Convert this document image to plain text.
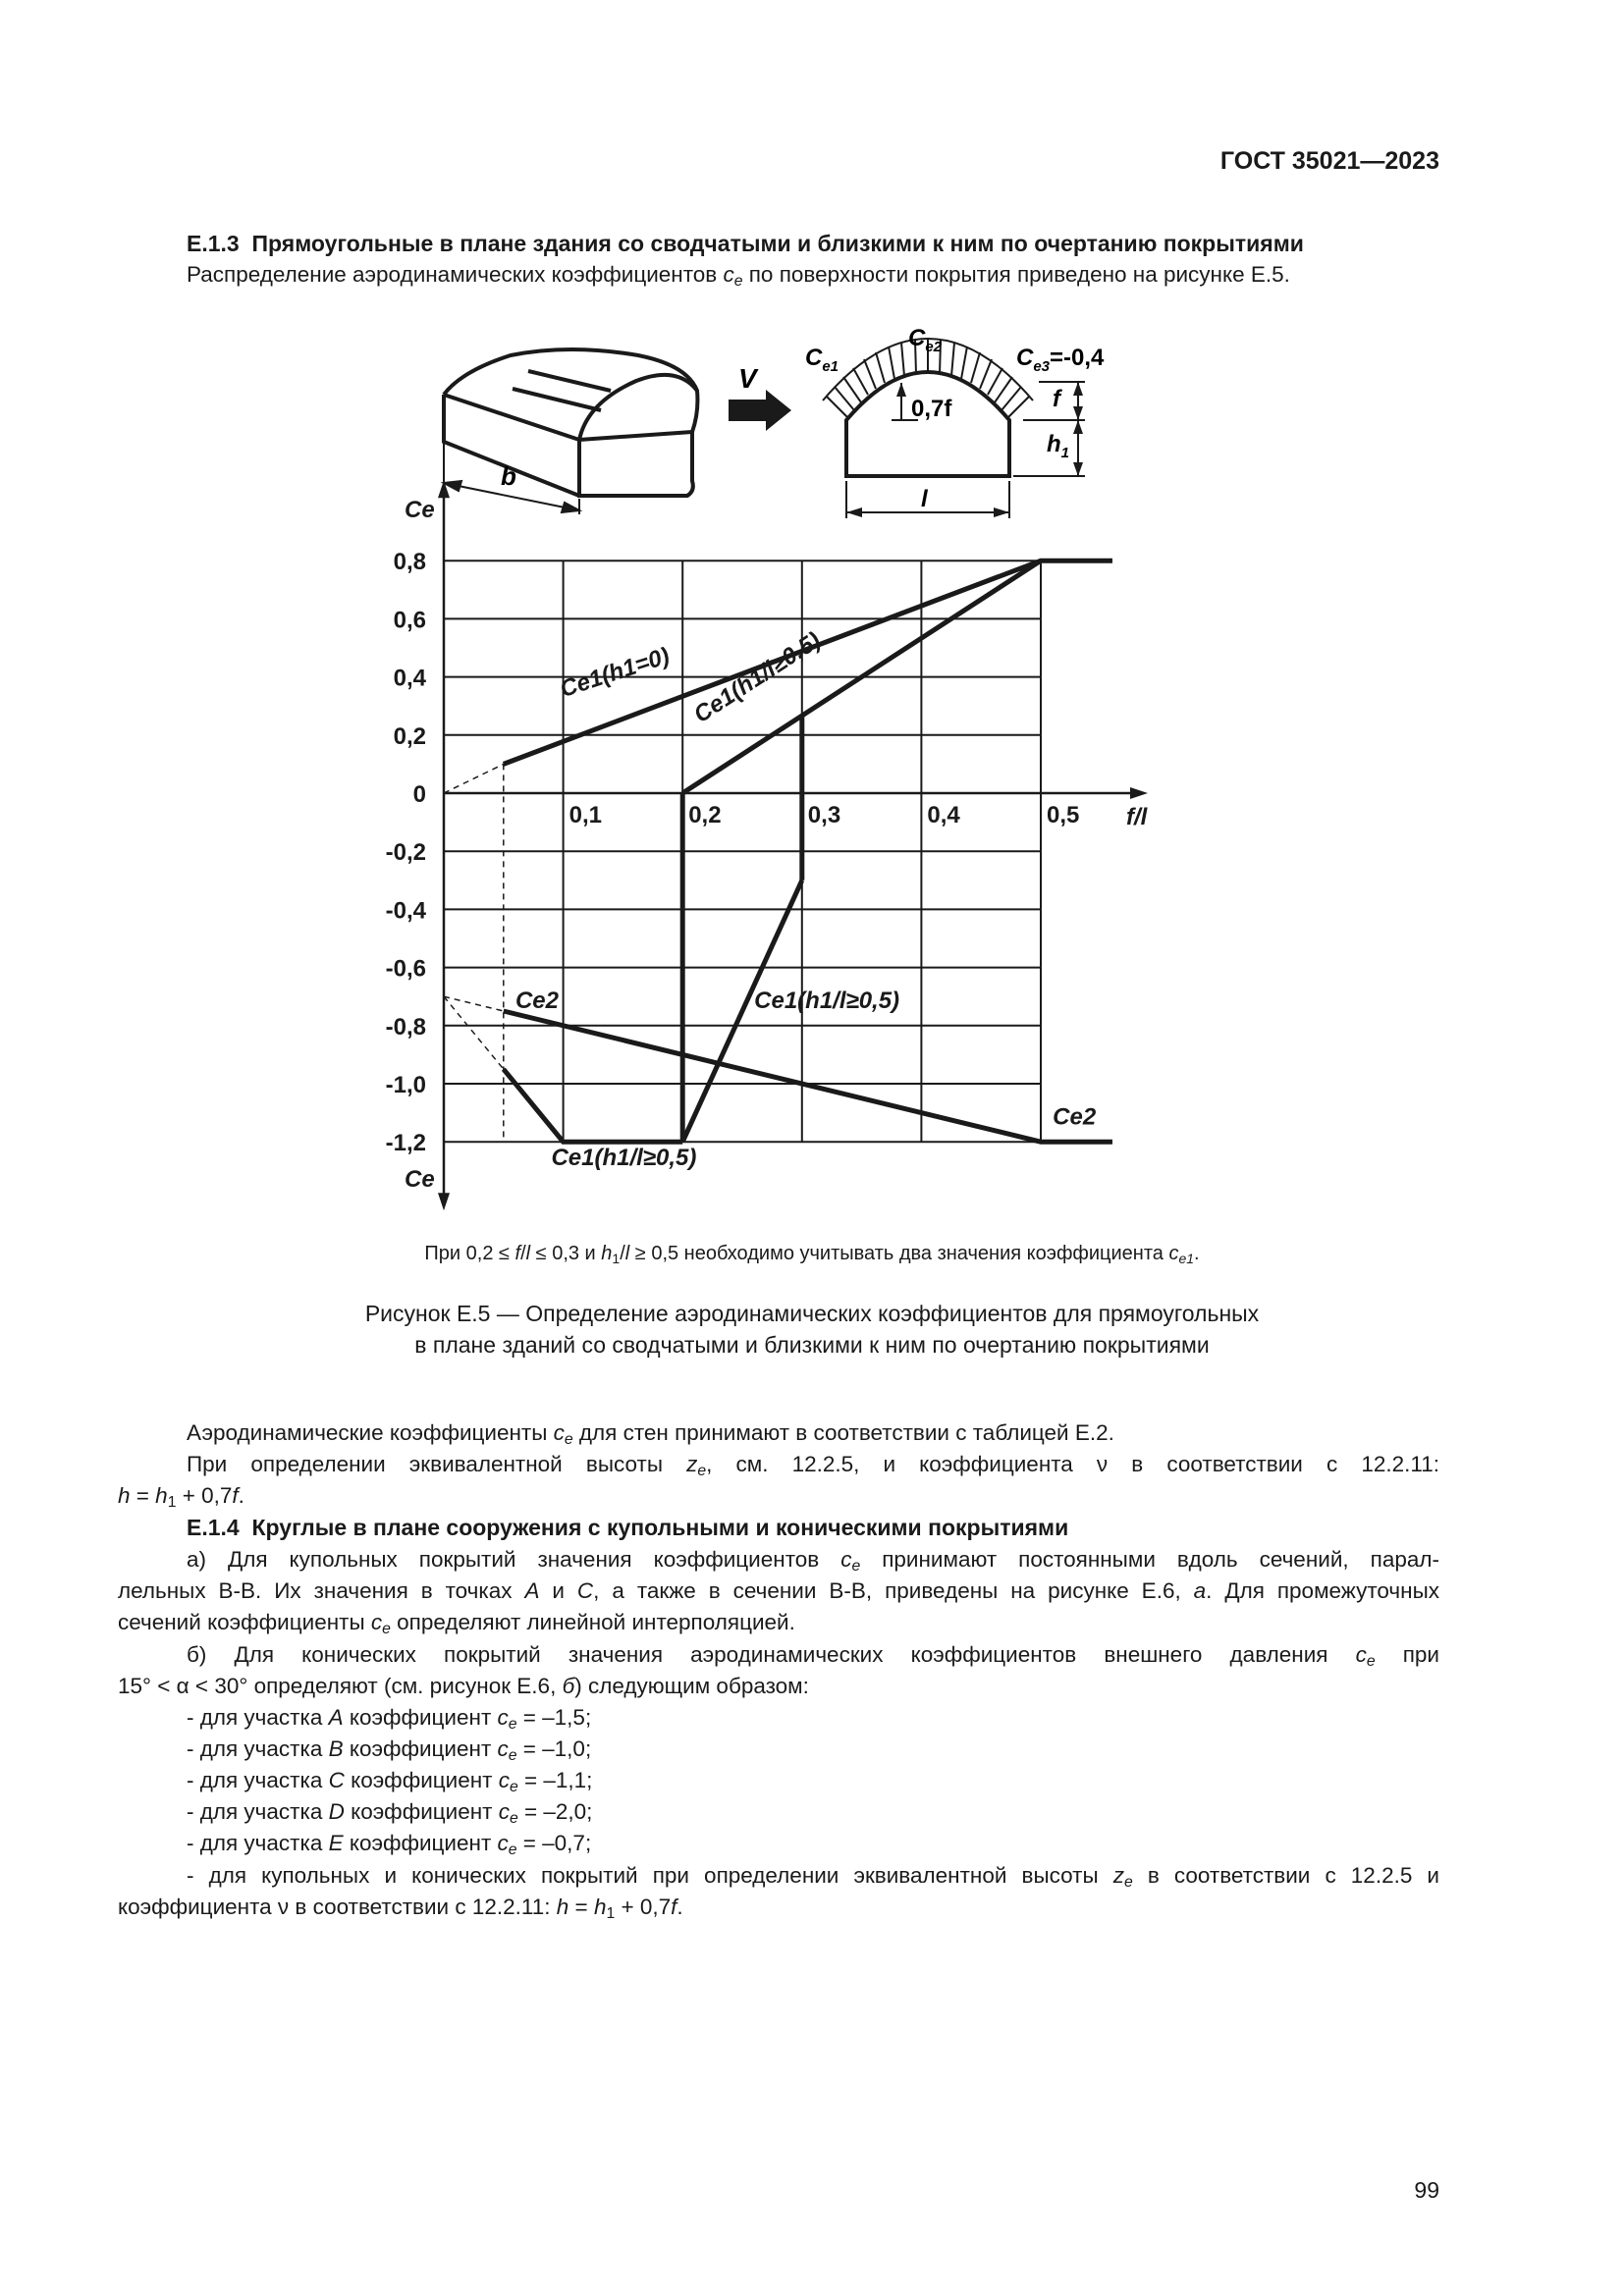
ГОСТ 35021—2023
Е.1.3 Прямоугольные в плане здания со сводчатыми и близкими к ним по очертанию покрытиями
Распределение аэродинамических коэффициентов $c_e$ по поверхности покрытия приведено на рисунке Е.5.
b
V
$C_{e1}$
$C_{e2}$	$C_{e3}=-0,4$
0,7f	f
$h_1$
l
0,8
0,6
0,4
0,2
0
-0,2
-0,4
-0,6
-0,8
-1,0
-1,2
0,1	0,2	0,3	0,4	0,5 f/l
Ce
Ce
Ce1(h1=0) Ce1(h1/l≥0,5)
Ce2	Ce1(h1/l≥0,5)
Ce2
Ce1(h1/l≥0,5)
При 0,2 ≤ f/l ≤ 0,3 и $h_1/l \ge 0,5$ необходимо учитывать два значения коэффициента $c_{e1}$.
Рисунок Е.5 — Определение аэродинамических коэффициентов для прямоугольных
в плане зданий со сводчатыми и близкими к ним по очертанию покрытиями
Аэродинамические коэффициенты $c_e$ для стен принимают в соответствии с таблицей Е.2.
При определении эквивалентной высоты $z_e$, см. 12.2.5, и коэффициента ν в соответствии с 12.2.11:
$h = h_1 + 0,7f$.
Е.1.4 Круглые в плане сооружения с купольными и коническими покрытиями
а) Для купольных покрытий значения коэффициентов $c_e$ принимают постоянными вдоль сечений, парал-
лельных В-В. Их значения в точках А и С, а также в сечении В-В, приведены на рисунке Е.6, а. Для промежуточных
сечений коэффициенты $c_e$ определяют линейной интерполяцией.
б) Для конических покрытий значения аэродинамических коэффициентов внешнего давления $c_e$ при
15° < α < 30° определяют (см. рисунок Е.6, б) следующим образом:
- для участка А коэффициент $c_e = -1,5$;
- для участка В коэффициент $c_e = -1,0$;
- для участка С коэффициент $c_e = -1,1$;
- для участка D коэффициент $c_e = -2,0$;
- для участка Е коэффициент $c_e = -0,7$;
- для купольных и конических покрытий при определении эквивалентной высоты $z_e$ в соответствии с 12.2.5 и
коэффициента ν в соответствии с 12.2.11: $h = h_1 + 0,7f$.
99
